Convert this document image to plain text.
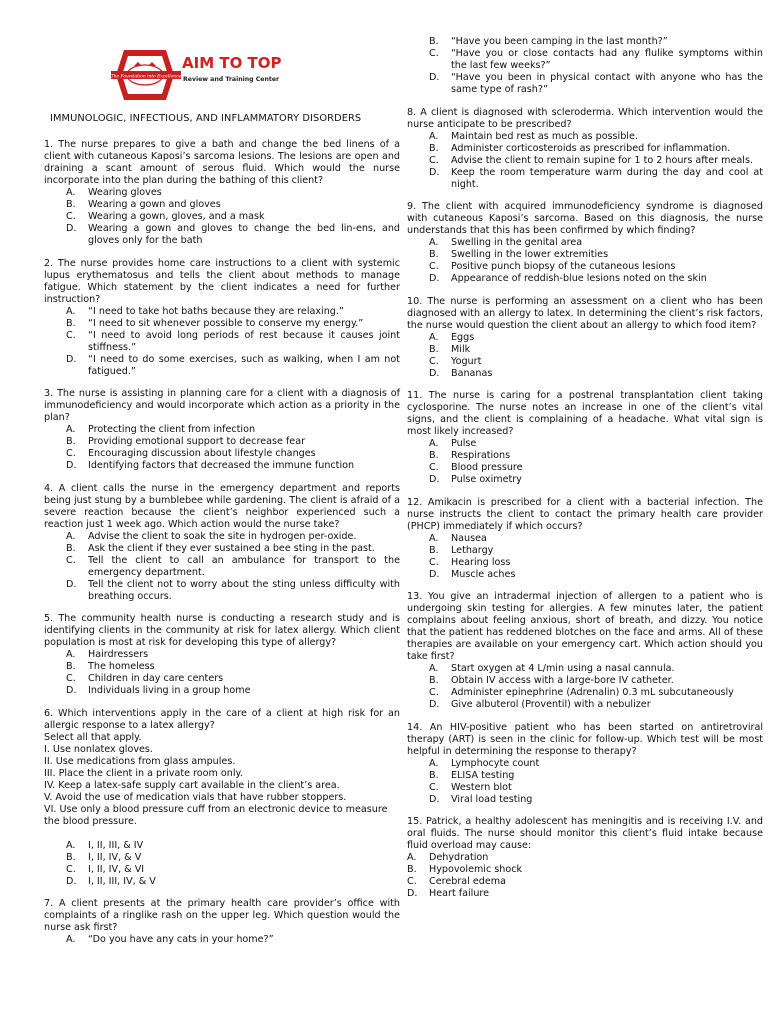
The Foundation into Excellence
AIM TO TOP
Review and Training Center
IMMUNOLOGIC, INFECTIOUS, AND INFLAMMATORY DISORDERS
1. The nurse prepares to give a bath and change the bed linens of a client with cutaneous Kaposi’s sarcoma lesions. The lesions are open and draining a scant amount of serous fluid. Which would the nurse incorporate into the plan during the bathing of this client?
A.	Wearing gloves
B.	Wearing a gown and gloves
C.	Wearing a gown, gloves, and a mask
D.	Wearing a gown and gloves to change the bed lin-ens, and gloves only for the bath
2. The nurse provides home care instructions to a client with systemic lupus erythematosus and tells the client about methods to manage fatigue. Which statement by the client indicates a need for further instruction?
A.	“I need to take hot baths because they are relaxing.”
B.	“I need to sit whenever possible to conserve my energy.”
C.	“I need to avoid long periods of rest because it causes joint stiffness.”
D.	“I need to do some exercises, such as walking, when I am not fatigued.”
3. The nurse is assisting in planning care for a client with a diagnosis of immunodeficiency and would incorporate which action as a priority in the plan?
A.	Protecting the client from infection
B.	Providing emotional support to decrease fear
C.	Encouraging discussion about lifestyle changes
D.	Identifying factors that decreased the immune function
4. A client calls the nurse in the emergency department and reports being just stung by a bumblebee while gardening. The client is afraid of a severe reaction because the client’s neighbor experienced such a reaction just 1 week ago. Which action would the nurse take?
A.	Advise the client to soak the site in hydrogen per-oxide.
B.	Ask the client if they ever sustained a bee sting in the past.
C.	Tell the client to call an ambulance for transport to the emergency department.
D.	Tell the client not to worry about the sting unless difficulty with breathing occurs.
5. The community health nurse is conducting a research study and is identifying clients in the community at risk for latex allergy. Which client population is most at risk for developing this type of allergy?
A.	Hairdressers
B.	The homeless
C.	Children in day care centers
D.	Individuals living in a group home
6. Which interventions apply in the care of a client at high risk for an allergic response to a latex allergy?
Select all that apply.
I. Use nonlatex gloves.
II. Use medications from glass ampules.
III. Place the client in a private room only.
IV. Keep a latex-safe supply cart available in the client’s area.
V. Avoid the use of medication vials that have rubber stoppers.
VI. Use only a blood pressure cuff from an electronic device to measure the blood pressure.
A.	I, II, III, & IV
B.	I, II, IV, & V
C.	I, II, IV, & VI
D.	I, II, III, IV, & V
7. A client presents at the primary health care provider’s office with complaints of a ringlike rash on the upper leg. Which question would the nurse ask first?
A.	“Do you have any cats in your home?”
B.	“Have you been camping in the last month?”
C.	“Have you or close contacts had any flulike symptoms within the last few weeks?”
D.	“Have you been in physical contact with anyone who has the same type of rash?”
8. A client is diagnosed with scleroderma. Which intervention would the nurse anticipate to be prescribed?
A.	Maintain bed rest as much as possible.
B.	Administer corticosteroids as prescribed for inflammation.
C.	Advise the client to remain supine for 1 to 2 hours after meals.
D.	Keep the room temperature warm during the day and cool at night.
9. The client with acquired immunodeficiency syndrome is diagnosed with cutaneous Kaposi’s sarcoma. Based on this diagnosis, the nurse understands that this has been confirmed by which finding?
A.	Swelling in the genital area
B.	Swelling in the lower extremities
C.	Positive punch biopsy of the cutaneous lesions
D.	Appearance of reddish-blue lesions noted on the skin
10. The nurse is performing an assessment on a client who has been diagnosed with an allergy to latex. In determining the client’s risk factors, the nurse would question the client about an allergy to which food item?
A.	Eggs
B.	Milk
C.	Yogurt
D.	Bananas
11. The nurse is caring for a postrenal transplantation client taking cyclosporine. The nurse notes an increase in one of the client’s vital signs, and the client is complaining of a headache. What vital sign is most likely increased?
A.	Pulse
B.	Respirations
C.	Blood pressure
D.	Pulse oximetry
12. Amikacin is prescribed for a client with a bacterial infection. The nurse instructs the client to contact the primary health care provider (PHCP) immediately if which occurs?
A.	Nausea
B.	Lethargy
C.	Hearing loss
D.	Muscle aches
13. You give an intradermal injection of allergen to a patient who is undergoing skin testing for allergies. A few minutes later, the patient complains about feeling anxious, short of breath, and dizzy. You notice that the patient has reddened blotches on the face and arms. All of these therapies are available on your emergency cart. Which action should you take first?
A.	Start oxygen at 4 L/min using a nasal cannula.
B.	Obtain IV access with a large-bore IV catheter.
C.	Administer epinephrine (Adrenalin) 0.3 mL subcutaneously
D.	Give albuterol (Proventil) with a nebulizer
14. An HIV-positive patient who has been started on antiretroviral therapy (ART) is seen in the clinic for follow-up. Which test will be most helpful in determining the response to therapy?
A.	Lymphocyte count
B.	ELISA testing
C.	Western blot
D.	Viral load testing
15. Patrick, a healthy adolescent has meningitis and is receiving I.V. and oral fluids. The nurse should monitor this client’s fluid intake because fluid overload may cause:
A.	Dehydration
B.	Hypovolemic shock
C.	Cerebral edema
D.	Heart failure
